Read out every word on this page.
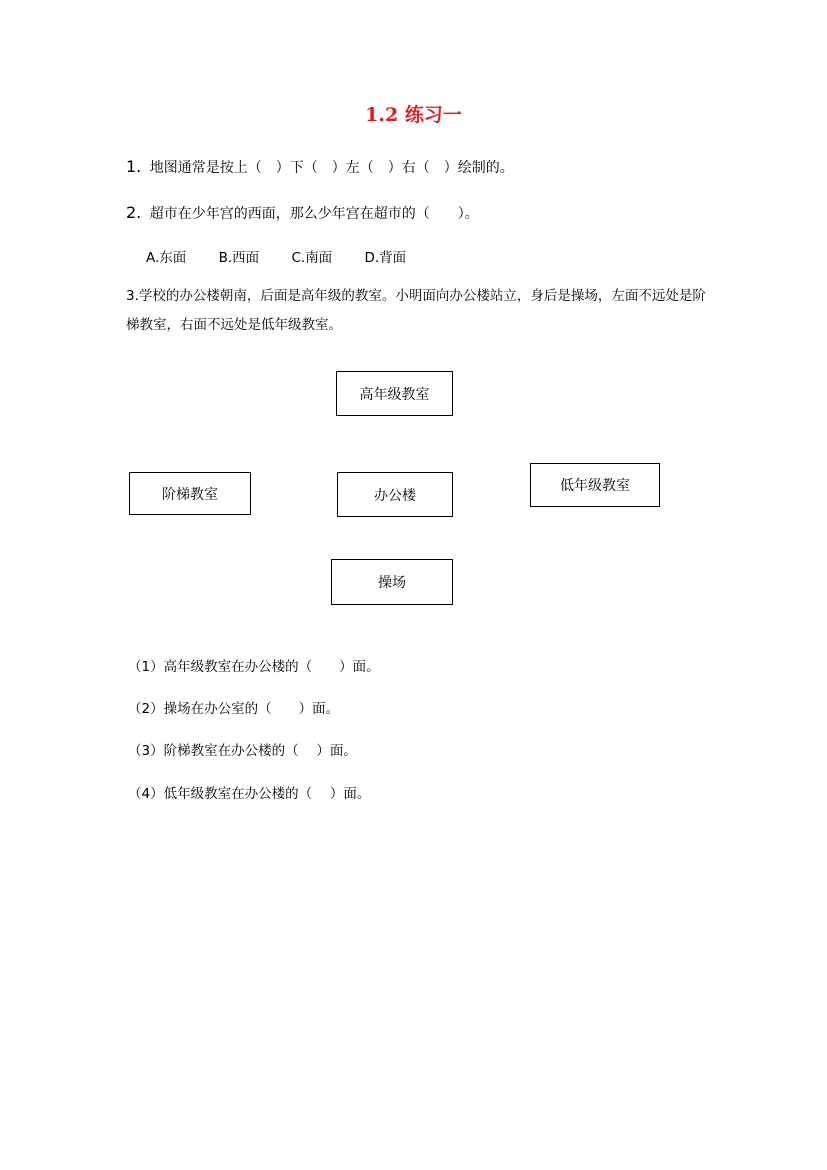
1.2 练习一
1. 地图通常是按上（　）下（　）左（　）右（　）绘制的。
2. 超市在少年宫的西面，那么少年宫在超市的（　　）。
A.东面 B.西面 C.南面 D.背面
3.学校的办公楼朝南，后面是高年级的教室。小明面向办公楼站立，身后是操场，左面不远处是阶梯教室，右面不远处是低年级教室。
高年级教室
阶梯教室	办公楼
低年级教室
操场
（1）高年级教室在办公楼的（　　）面。
（2）操场在办公室的（　　）面。
（3）阶梯教室在办公楼的（　 ）面。
（4）低年级教室在办公楼的（　 ）面。
